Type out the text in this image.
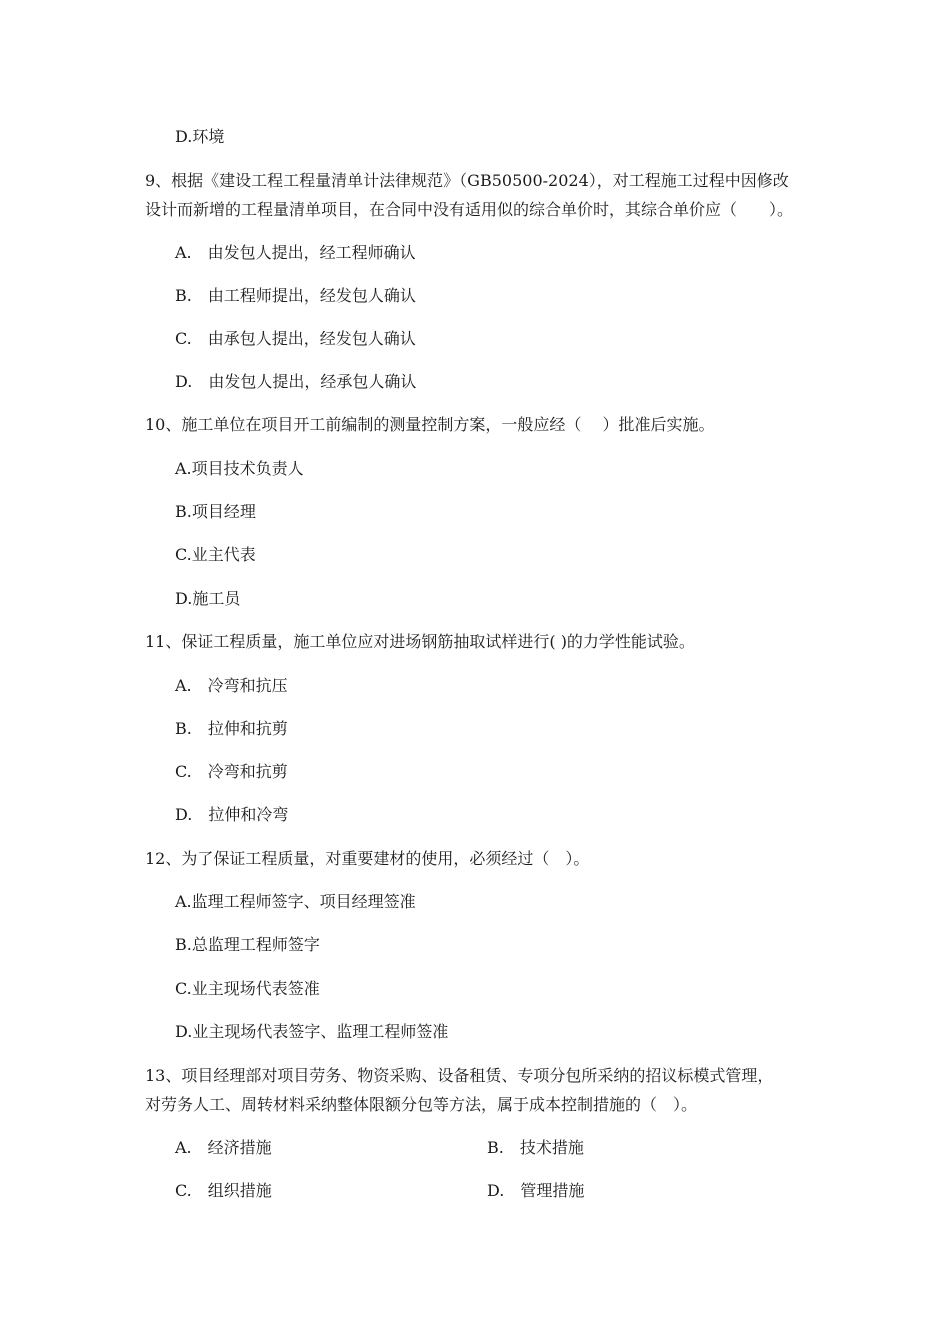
D.环境
9、根据《建设工程工程量清单计法律规范》（GB50500-2024），对工程施工过程中因修改
设计而新增的工程量清单项目，在合同中没有适用似的综合单价时，其综合单价应（　　）。
A.　由发包人提出，经工程师确认
B.　由工程师提出，经发包人确认
C.　由承包人提出，经发包人确认
D.　由发包人提出，经承包人确认
10、施工单位在项目开工前编制的测量控制方案，一般应经（　 ）批准后实施。
A.项目技术负责人
B.项目经理
C.业主代表
D.施工员
11、保证工程质量，施工单位应对进场钢筋抽取试样进行( )的力学性能试验。
A.　冷弯和抗压
B.　拉伸和抗剪
C.　冷弯和抗剪
D.　拉伸和冷弯
12、为了保证工程质量，对重要建材的使用，必须经过（　）。
A.监理工程师签字、项目经理签准
B.总监理工程师签字
C.业主现场代表签准
D.业主现场代表签字、监理工程师签准
13、项目经理部对项目劳务、物资采购、设备租赁、专项分包所采纳的招议标模式管理，
对劳务人工、周转材料采纳整体限额分包等方法，属于成本控制措施的（　）。
A.　经济措施	B.　技术措施
C.　组织措施	D.　管理措施
